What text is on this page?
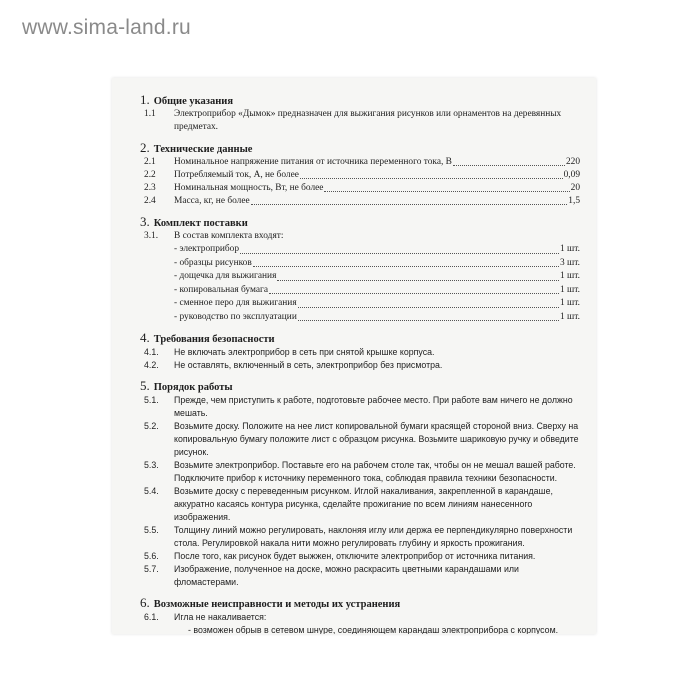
www.sima-land.ru
1. Общие указания
1.1	Электроприбор «Дымок» предназначен для выжигания рисунков или орнаментов на деревянных предметах.
2. Технические данные
2.1	Номинальное напряжение питания от источника переменного тока, В	220
2.2	Потребляемый ток, А, не более	0,09
2.3	Номинальная мощность, Вт, не более	20
2.4	Масса, кг, не более	1,5
3. Комплект поставки
3.1.	В состав комплекта входят:
- электроприбор	1 шт.
- образцы рисунков	3 шт.
- дощечка для выжигания	1 шт.
- копировальная бумага	1 шт.
- сменное перо для выжигания	1 шт.
- руководство по эксплуатации	1 шт.
4. Требования безопасности
4.1.	Не включать электроприбор в сеть при снятой крышке корпуса.
4.2.	Не оставлять, включенный в сеть, электроприбор без присмотра.
5. Порядок работы
5.1.	Прежде, чем приступить к работе, подготовьте рабочее место. При работе вам ничего не должно мешать.
5.2.	Возьмите доску. Положите на нее лист копировальной бумаги красящей стороной вниз. Сверху на копировальную бумагу положите лист с образцом рисунка. Возьмите шариковую ручку и обведите рисунок.
5.3.	Возьмите электроприбор. Поставьте его на рабочем столе так, чтобы он не мешал вашей работе. Подключите прибор к источнику переменного тока, соблюдая правила техники безопасности.
5.4.	Возьмите доску с переведенным рисунком. Иглой накаливания, закрепленной в карандаше, аккуратно касаясь контура рисунка, сделайте прожигание по всем линиям нанесенного изображения.
5.5.	Толщину линий можно регулировать, наклоняя иглу или держа ее перпендикулярно поверхности стола. Регулировкой накала нити можно регулировать глубину и яркость прожигания.
5.6.	После того, как рисунок будет выжжен, отключите электроприбор от источника питания.
5.7.	Изображение, полученное на доске, можно раскрасить цветными карандашами или фломастерами.
6. Возможные неисправности и методы их устранения
6.1.	Игла не накаливается:
- возможен обрыв в сетевом шнуре, соединяющем карандаш электроприбора с корпусом.
